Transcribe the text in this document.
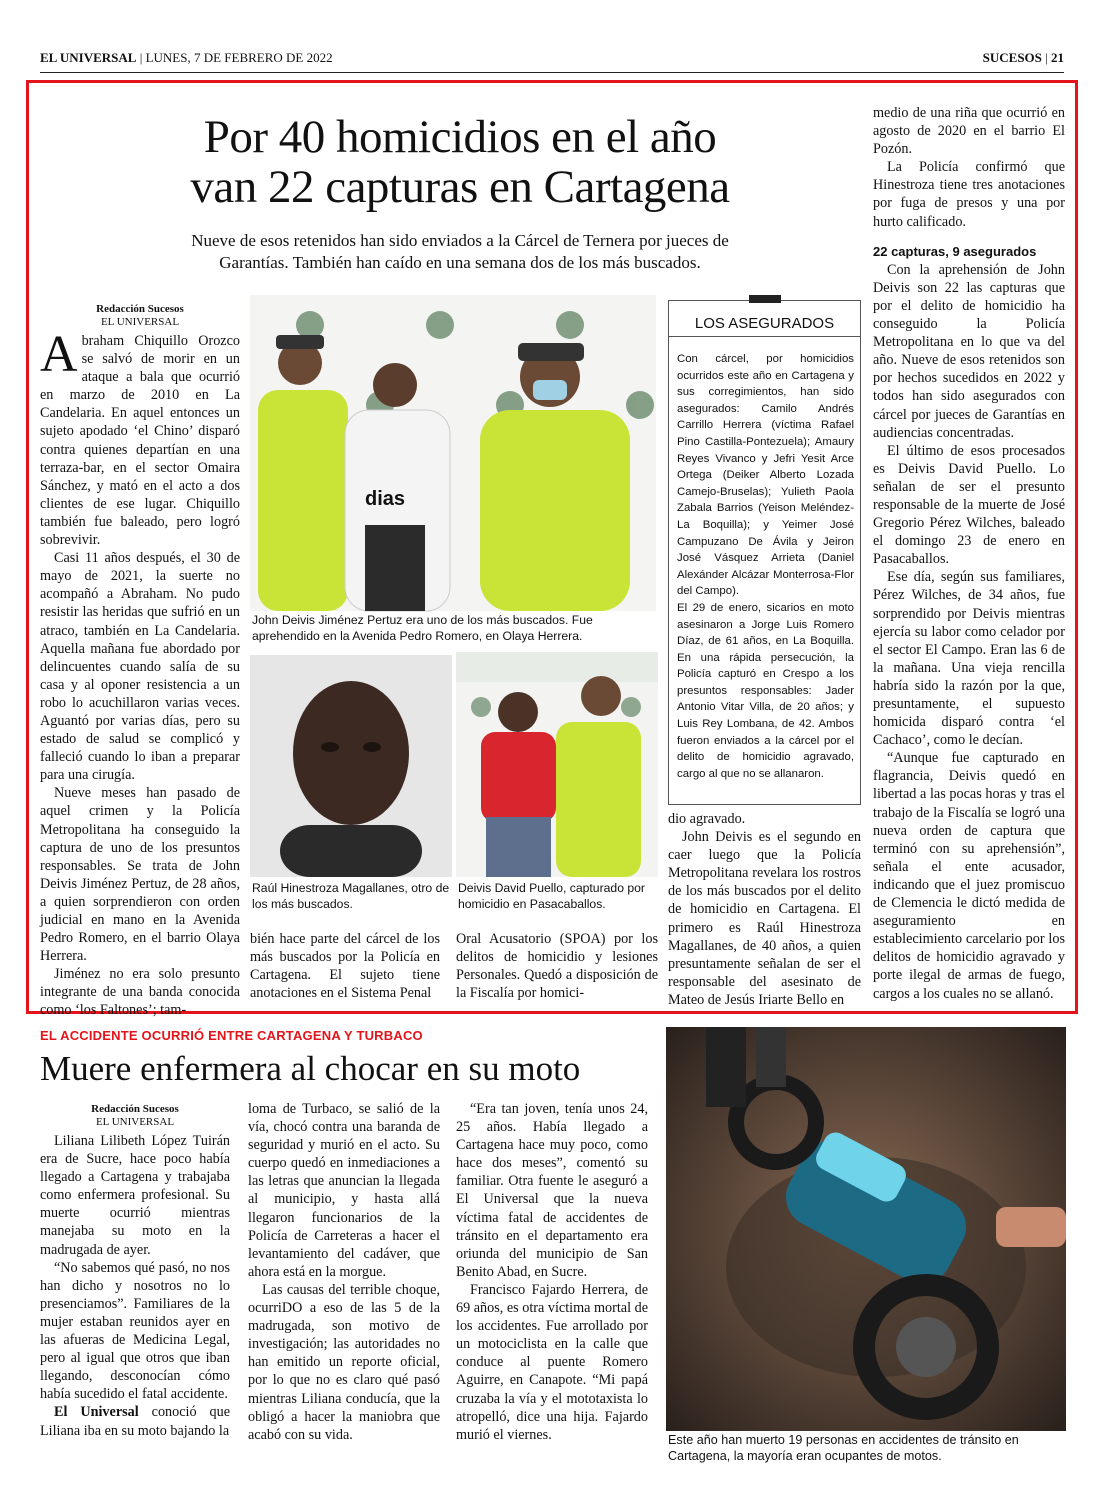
EL UNIVERSAL | LUNES, 7 DE FEBRERO DE 2022	SUCESOS | 21
Por 40 homicidios en el año
van 22 capturas en Cartagena
Nueve de esos retenidos han sido enviados a la Cárcel de Ternera por jueces de
Garantías. También han caído en una semana dos de los más buscados.
Redacción Sucesos
EL UNIVERSAL

Abraham Chiquillo Orozco se salvó de morir en un ataque a bala que ocurrió en marzo de 2010 en La Candelaria. En aquel entonces un sujeto apodado ‘el Chino’ disparó contra quienes departían en una terraza-bar, en el sector Omaira Sánchez, y mató en el acto a dos clientes de ese lugar. Chiquillo también fue baleado, pero logró sobrevivir.

Casi 11 años después, el 30 de mayo de 2021, la suerte no acompañó a Abraham. No pudo resistir las heridas que sufrió en un atraco, también en La Candelaria. Aquella mañana fue abordado por delincuentes cuando salía de su casa y al oponer resistencia a un robo lo acuchillaron varias veces. Aguantó por varias días, pero su estado de salud se complicó y falleció cuando lo iban a preparar para una cirugía.

Nueve meses han pasado de aquel crimen y la Policía Metropolitana ha conseguido la captura de uno de los presuntos responsables. Se trata de John Deivis Jiménez Pertuz, de 28 años, a quien sorprendieron con orden judicial en mano en la Avenida Pedro Romero, en el barrio Olaya Herrera.

Jiménez no era solo presunto integrante de una banda conocida como ‘los Faltones’; tam-

dias
John Deivis Jiménez Pertuz era uno de los más buscados. Fue aprehendido en la Avenida Pedro Romero, en Olaya Herrera.
Raúl Hinestroza Magallanes, otro de los más buscados.
Deivis David Puello, capturado por homicidio en Pasacaballos.

bién hace parte del cárcel de los más buscados por la Policía en Cartagena. El sujeto tiene anotaciones en el Sistema Penal

Oral Acusatorio (SPOA) por los delitos de homicidio y lesiones Personales. Quedó a disposición de la Fiscalía por homici-

LOS ASEGURADOS

Con cárcel, por homicidios ocurridos este año en Cartagena y sus corregimientos, han sido asegurados: Camilo Andrés Carrillo Herrera (víctima Rafael Pino Castilla-Pontezuela); Amaury Reyes Vivanco y Jefri Yesit Arce Ortega (Deiker Alberto Lozada Camejo-Bruselas); Yulieth Paola Zabala Barrios (Yeison Meléndez-La Boquilla); y Yeimer José Campuzano De Ávila y Jeiron José Vásquez Arrieta (Daniel Alexánder Alcázar Monterrosa-Flor del Campo).

El 29 de enero, sicarios en moto asesinaron a Jorge Luis Romero Díaz, de 61 años, en La Boquilla. En una rápida persecución, la Policía capturó en Crespo a los presuntos responsables: Jader Antonio Vitar Villa, de 20 años; y Luis Rey Lombana, de 42. Ambos fueron enviados a la cárcel por el delito de homicidio agravado, cargo al que no se allanaron.

dio agravado.

John Deivis es el segundo en caer luego que la Policía Metropolitana revelara los rostros de los más buscados por el delito de homicidio en Cartagena. El primero es Raúl Hinestroza Magallanes, de 40 años, a quien presuntamente señalan de ser el responsable del asesinato de Mateo de Jesús Iriarte Bello en

medio de una riña que ocurrió en agosto de 2020 en el barrio El Pozón.

La Policía confirmó que Hinestroza tiene tres anotaciones por fuga de presos y una por hurto calificado.

22 capturas, 9 asegurados

Con la aprehensión de John Deivis son 22 las capturas que por el delito de homicidio ha conseguido la Policía Metropolitana en lo que va del año. Nueve de esos retenidos son por hechos sucedidos en 2022 y todos han sido asegurados con cárcel por jueces de Garantías en audiencias concentradas.

El último de esos procesados es Deivis David Puello. Lo señalan de ser el presunto responsable de la muerte de José Gregorio Pérez Wilches, baleado el domingo 23 de enero en Pasacaballos.

Ese día, según sus familiares, Pérez Wilches, de 34 años, fue sorprendido por Deivis mientras ejercía su labor como celador por el sector El Campo. Eran las 6 de la mañana. Una vieja rencilla habría sido la razón por la que, presuntamente, el supuesto homicida disparó contra ‘el Cachaco’, como le decían.

“Aunque fue capturado en flagrancia, Deivis quedó en libertad a las pocas horas y tras el trabajo de la Fiscalía se logró una nueva orden de captura que terminó con su aprehensión”, señala el ente acusador, indicando que el juez promiscuo de Clemencia le dictó medida de aseguramiento en establecimiento carcelario por los delitos de homicidio agravado y porte ilegal de armas de fuego, cargos a los cuales no se allanó.

EL ACCIDENTE OCURRIÓ ENTRE CARTAGENA Y TURBACO
Muere enfermera al chocar en su moto
Redacción Sucesos
EL UNIVERSAL

Liliana Lilibeth López Tuirán era de Sucre, hace poco había llegado a Cartagena y trabajaba como enfermera profesional. Su muerte ocurrió mientras manejaba su moto en la madrugada de ayer.

“No sabemos qué pasó, no nos han dicho y nosotros no lo presenciamos”. Familiares de la mujer estaban reunidos ayer en las afueras de Medicina Legal, pero al igual que otros que iban llegando, desconocían cómo había sucedido el fatal accidente.

El Universal conoció que Liliana iba en su moto bajando la

loma de Turbaco, se salió de la vía, chocó contra una baranda de seguridad y murió en el acto. Su cuerpo quedó en inmediaciones a las letras que anuncian la llegada al municipio, y hasta allá llegaron funcionarios de la Policía de Carreteras a hacer el levantamiento del cadáver, que ahora está en la morgue.

Las causas del terrible choque, ocurriDO a eso de las 5 de la madrugada, son motivo de investigación; las autoridades no han emitido un reporte oficial, por lo que no es claro qué pasó mientras Liliana conducía, que la obligó a hacer la maniobra que acabó con su vida.

“Era tan joven, tenía unos 24, 25 años. Había llegado a Cartagena hace muy poco, como hace dos meses”, comentó su familiar. Otra fuente le aseguró a El Universal que la nueva víctima fatal de accidentes de tránsito en el departamento era oriunda del municipio de San Benito Abad, en Sucre.

Francisco Fajardo Herrera, de 69 años, es otra víctima mortal de los accidentes. Fue arrollado por un motociclista en la calle que conduce al puente Romero Aguirre, en Canapote. “Mi papá cruzaba la vía y el mototaxista lo atropelló, dice una hija. Fajardo murió el viernes.	Este año han muerto 19 personas en accidentes de tránsito en Cartagena, la mayoría eran ocupantes de motos.
